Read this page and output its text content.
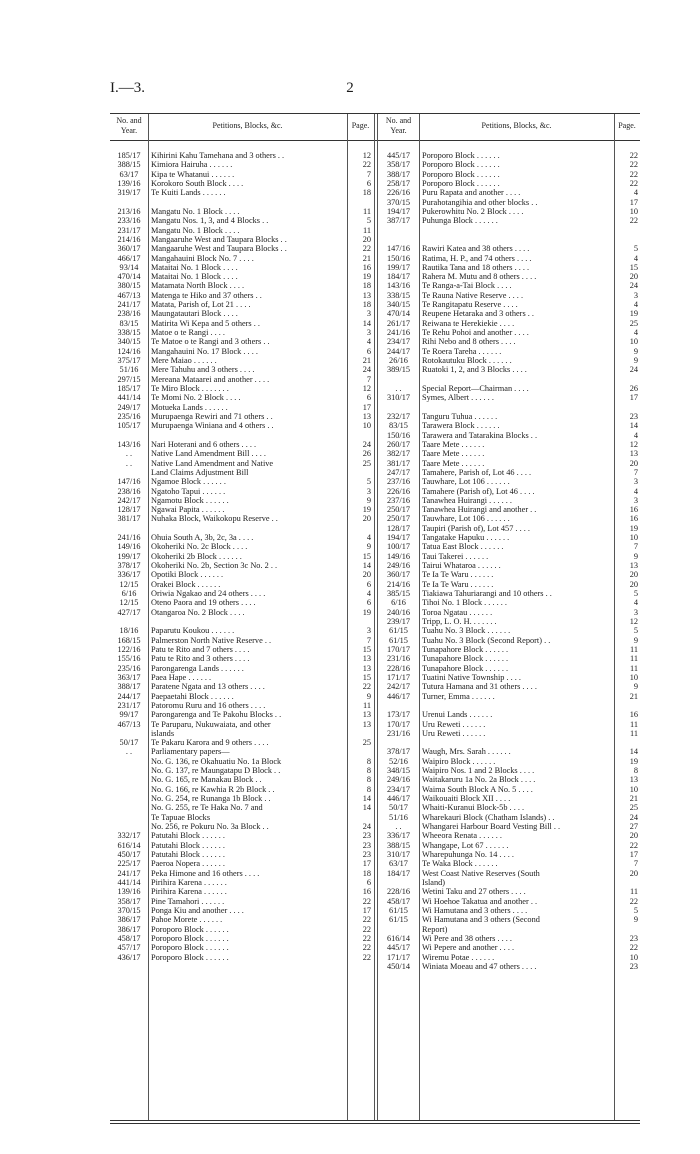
I.—3.	2
No. and Year.
Petitions, Blocks, &c.	Page.
No. and Year.
Petitions, Blocks, &c.	Page.
185/17	Kihirini Kahu Tamehana and 3 others . .	12
388/15	Kimiora Hairuha . . . . . .	22
63/17	Kipa te Whatanui . . . . . .	7
139/16	Korokoro South Block . . . .	6
319/17	Te Kuiti Lands . . . . . .	18
213/16	Mangatu No. 1 Block . . . .	11
233/16	Mangatu Nos. 1, 3, and 4 Blocks . .	5
231/17	Mangatu No. 1 Block . . . .	11
214/16	Mangaaruhe West and Taupara Blocks . .	20
360/17	Mangaaruhe West and Taupara Blocks . .	22
466/17	Mangahauini Block No. 7 . . . .	21
93/14	Mataitai No. 1 Block . . . .	16
470/14	Mataitai No. 1 Block . . . .	19
380/15	Matamata North Block . . . .	18
467/13	Matenga te Hiko and 37 others . .	13
241/17	Matata, Parish of, Lot 21 . . . .	18
238/16	Maungatautari Block . . . .	3
83/15	Matirita Wi Kepa and 5 others . .	14
338/15	Matoe o te Rangi . . . .	3
340/15	Te Matoe o te Rangi and 3 others . .	4
124/16	Mangahauini No. 17 Block . . . .	6
375/17	Mere Maiao . . . . . .	21
51/16	Mere Tahuhu and 3 others . . . .	24
297/15	Mereana Mataarei and another . . . .	7
185/17	Te Miro Block . . . . . . .	12
441/14	Te Momi No. 2 Block . . . .	6
249/17	Motueka Lands . . . . . .	17
235/16	Murupaenga Rewiri and 71 others . .	13
105/17	Murupaenga Winiana and 4 others . .	10
143/16	Nari Hoterani and 6 others . . . .	24
. .	Native Land Amendment Bill . . . .	26
. .	Native Land Amendment and Native	25
Land Claims Adjustment Bill
147/16	Ngamoe Block . . . . . .	5
238/16	Ngatoho Tapui . . . . . .	3
242/17	Ngamotu Block . . . . . .	9
128/17	Ngawai Papita . . . . . .	19
381/17	Nuhaka Block, Waikokopu Reserve . .	20
241/16	Ohuia South A, 3b, 2c, 3a . . . .	4
149/16	Okoheriki No. 2c Block . . . .	9
199/17	Okoheriki 2b Block . . . . . .	15
378/17	Okoheriki No. 2b, Section 3c No. 2 . .	14
336/17	Opotiki Block . . . . . .	20
12/15	Orakei Block . . . . . .	6
6/16	Oriwia Ngakao and 24 others . . . .	4
12/15	Oteno Paora and 19 others . . . .	6
427/17	Otangaroa No. 2 Block . . . .	19
18/16	Paparutu Koukou . . . . . .	3
168/15	Palmerston North Native Reserve . .	7
122/16	Patu te Rito and 7 others . . . .	15
155/16	Patu te Rito and 3 others . . . .	13
235/16	Parongarenga Lands . . . . . .	13
363/17	Paea Hape . . . . . .	15
388/17	Paratene Ngata and 13 others . . . .	22
244/17	Paepaetahi Block . . . . . .	9
231/17	Patoromu Ruru and 16 others . . . .	11
99/17	Parongarenga and Te Pakohu Blocks . .	13
467/13	Te Paruparu, Nukuwaiata, and other	13
islands
50/17	Te Pakaru Karora and 9 others . . . .	25
. .	Parliamentary papers—
No. G. 136, re Okahuatiu No. 1a Block	8
No. G. 137, re Maungatapu D Block . .	8
No. G. 165, re Manakau Block . .	8
No. G. 166, re Kawhia R 2b Block . .	8
No. G. 254, re Runanga 1b Block . .	14
No. G. 255, re Te Haka No. 7 and	14
Te Tapuae Blocks
No. 256, re Pokuru No. 3a Block . .	24
332/17	Patutahi Block . . . . . .	23
616/14	Patutahi Block . . . . . .	23
450/17	Patutahi Block . . . . . .	23
225/17	Paeroa Nopera . . . . . .	17
241/17	Peka Himone and 16 others . . . .	18
441/14	Pirihira Karena . . . . . .	6
139/16	Pirihira Karena . . . . . .	16
358/17	Pine Tamahori . . . . . .	22
370/15	Ponga Kiu and another . . . .	17
386/17	Pahoe Morete . . . . . .	22
386/17	Poroporo Block . . . . . .	22
458/17	Poroporo Block . . . . . .	22
457/17	Poroporo Block . . . . . .	22
436/17	Poroporo Block . . . . . .	22
445/17	Poroporo Block . . . . . .	22
358/17	Poroporo Block . . . . . .	22
388/17	Poroporo Block . . . . . .	22
258/17	Poroporo Block . . . . . .	22
226/16	Puru Rapata and another . . . .	4
370/15	Purahotangihia and other blocks . .	17
194/17	Pukerowhitu No. 2 Block . . . .	10
387/17	Puhunga Block . . . . . .	22
147/16	Rawiri Katea and 38 others . . . .	5
150/16	Ratima, H. P., and 74 others . . . .	4
199/17	Rautika Tana and 18 others . . . .	15
184/17	Rahera M. Mutu and 8 others . . . .	20
143/16	Te Ranga-a-Tai Block . . . .	24
338/15	Te Rauna Native Reserve . . . .	3
340/15	Te Rangitapatu Reserve . . . .	4
470/14	Reupene Hetaraka and 3 others . .	19
261/17	Reiwana te Herekiekie . . . .	25
241/16	Te Rehu Pohoi and another . . . .	4
234/17	Rihi Nebo and 8 others . . . .	10
244/17	Te Roera Tareha . . . . . .	9
26/16	Rotokautuku Block . . . . . .	9
389/15	Ruatoki 1, 2, and 3 Blocks . . . .	24
. .	Special Report—Chairman . . . .	26
310/17	Symes, Albert . . . . . .	17
232/17	Tanguru Tuhua . . . . . .	23
83/15	Tarawera Block . . . . . .	14
150/16	Tarawera and Tatarakina Blocks . .	4
260/17	Taare Mete . . . . . .	12
382/17	Taare Mete . . . . . .	13
381/17	Taare Mete . . . . . .	20
247/17	Tamahere, Parish of, Lot 46 . . . .	7
237/16	Tauwhare, Lot 106 . . . . . .	3
226/16	Tamahere (Parish of), Lot 46 . . . .	4
237/16	Tanawhea Huirangi . . . . . .	3
250/17	Tanawhea Huirangi and another . .	16
250/17	Tauwhare, Lot 106 . . . . . .	16
128/17	Taupiri (Parish of), Lot 457 . . . .	19
194/17	Tangatake Hapuku . . . . . .	10
100/17	Tatua East Block . . . . . .	7
149/16	Taui Takerei . . . . . .	9
249/16	Tairui Whataroa . . . . . .	13
360/17	Te Ia Te Waru . . . . . .	20
214/16	Te Ia Te Waru . . . . . .	20
385/15	Tiakiawa Tahuriarangi and 10 others . .	5
6/16	Tihoi No. 1 Block . . . . . .	4
240/16	Toroa Ngatau . . . . . .	3
239/17	Tripp, L. O. H. . . . . . .	12
61/15	Tuahu No. 3 Block . . . . . .	5
61/15	Tuahu No. 3 Block (Second Report) . .	9
170/17	Tunapahore Block . . . . . .	11
231/16	Tunapahore Block . . . . . .	11
228/16	Tunapahore Block . . . . . .	11
171/17	Tuatini Native Township . . . .	10
242/17	Tutura Hamana and 31 others . . . .	9
446/17	Turner, Emma . . . . . .	21
173/17	Urenui Lands . . . . . .	16
170/17	Uru Reweti . . . . . .	11
231/16	Uru Reweti . . . . . .	11
378/17	Waugh, Mrs. Sarah . . . . . .	14
52/16	Waipiro Block . . . . . .	19
348/15	Waipiro Nos. 1 and 2 Blocks . . . .	8
249/16	Waitakaruru 1a No. 2a Block . . . .	13
234/17	Waima South Block A No. 5 . . . .	10
446/17	Waikouaiti Block XII . . . .	21
50/17	Whaiti-Kuranui Block-5b . . . .	25
51/16	Wharekauri Block (Chatham Islands) . .	24
. .	Whangarei Harbour Board Vesting Bill . .	27
336/17	Wheeora Renata . . . . . .	20
388/15	Whangape, Lot 67 . . . . . .	22
310/17	Wharepuhunga No. 14 . . . .	17
63/17	Te Waka Block . . . . . .	7
184/17	West Coast Native Reserves (South	20
Island)
228/16	Wetini Taku and 27 others . . . .	11
458/17	Wi Hoehoe Takatua and another . .	22
61/15	Wi Hamutana and 3 others . . . .	5
61/15	Wi Hamutana and 3 others (Second	9
Report)
616/14	Wi Pere and 38 others . . . .	23
445/17	Wi Pepere and another . . . .	22
171/17	Wiremu Potae . . . . . .	10
450/14	Winiata Moeau and 47 others . . . .	23
